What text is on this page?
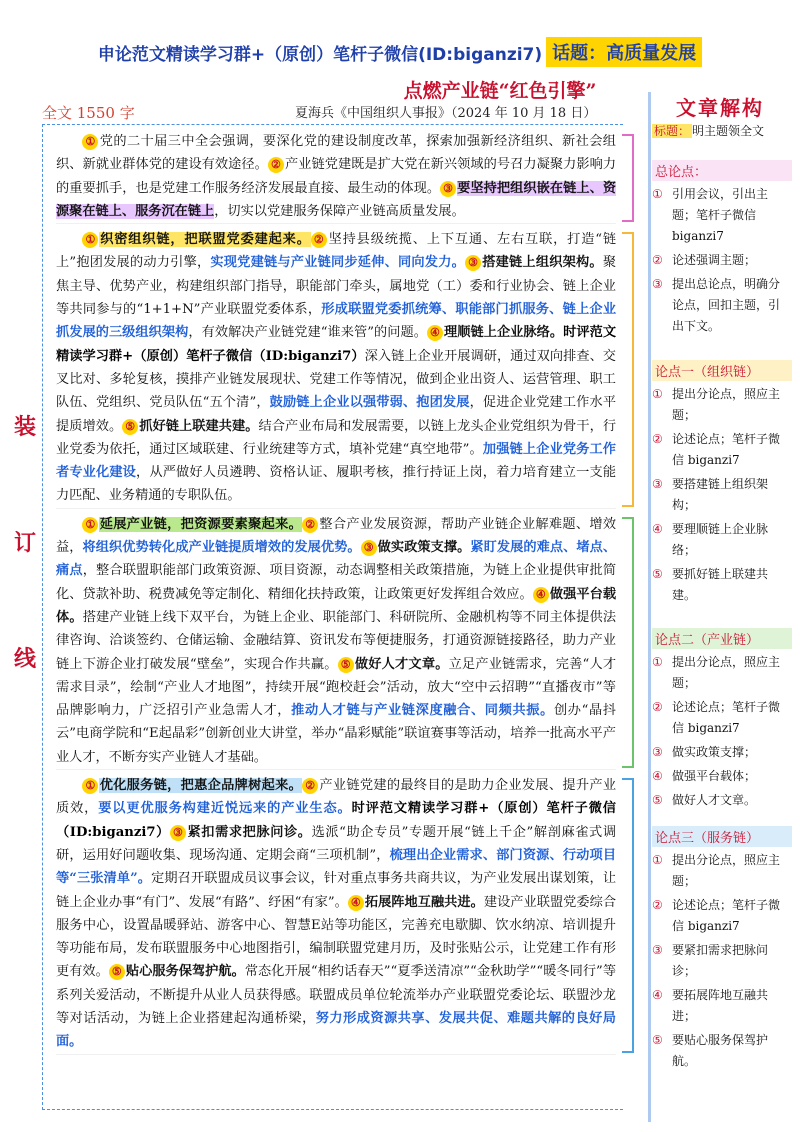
申论范文精读学习群+（原创）笔杆子微信(ID:biganzi7) 话题：高质量发展
点燃产业链“红色引擎”
全文 1550 字	夏海兵《中国组织人事报》（2024 年 10 月 18 日）
装
订
线

① 党的二十届三中全会强调，要深化党的建设制度改革，探索加强新经济组织、新社会组织、新就业群体党的建设有效途径。 ② 产业链党建既是扩大党在新兴领域的号召力凝聚力影响力的重要抓手，也是党建工作服务经济发展最直接、最生动的体现。 ③ 要坚持把组织嵌在链上、资源聚在链上、服务沉在链上，切实以党建服务保障产业链高质量发展。

① 织密组织链，把联盟党委建起来。 ② 坚持县级统揽、上下互通、左右互联，打造“链上”抱团发展的动力引擎，实现党建链与产业链同步延伸、同向发力。 ③ 搭建链上组织架构。聚焦主导、优势产业，构建组织部门指导，职能部门牵头，属地党（工）委和行业协会、链上企业等共同参与的“1+1+N”产业联盟党委体系，形成联盟党委抓统筹、职能部门抓服务、链上企业抓发展的三级组织架构，有效解决产业链党建“谁来管”的问题。 ④ 理顺链上企业脉络。时评范文精读学习群+（原创）笔杆子微信（ID:biganzi7）深入链上企业开展调研，通过双向排查、交叉比对、多轮复核，摸排产业链发展现状、党建工作等情况，做到企业出资人、运营管理、职工队伍、党组织、党员队伍“五个清”，鼓励链上企业以强带弱、抱团发展，促进企业党建工作水平提质增效。 ⑤ 抓好链上联建共建。结合产业布局和发展需要，以链上龙头企业党组织为骨干，行业党委为依托，通过区域联建、行业统建等方式，填补党建“真空地带”。加强链上企业党务工作者专业化建设，从严做好人员遴聘、资格认证、履职考核，推行持证上岗，着力培育建立一支能力匹配、业务精通的专职队伍。

① 延展产业链，把资源要素聚起来。 ② 整合产业发展资源，帮助产业链企业解难题、增效益，将组织优势转化成产业链提质增效的发展优势。 ③ 做实政策支撑。紧盯发展的难点、堵点、痛点，整合联盟职能部门政策资源、项目资源，动态调整相关政策措施，为链上企业提供审批简化、贷款补助、税费减免等定制化、精细化扶持政策，让政策更好发挥组合效应。 ④ 做强平台载体。搭建产业链上线下双平台，为链上企业、职能部门、科研院所、金融机构等不同主体提供法律咨询、洽谈签约、仓储运输、金融结算、资讯发布等便捷服务，打通资源链接路径，助力产业链上下游企业打破发展“壁垒”，实现合作共赢。 ⑤ 做好人才文章。立足产业链需求，完善“人才需求目录”，绘制“产业人才地图”，持续开展“跑校赶会”活动，放大“空中云招聘”“直播夜市”等品牌影响力，广泛招引产业急需人才，推动人才链与产业链深度融合、同频共振。创办“晶抖云”电商学院和“E起晶彩”创新创业大讲堂，举办“晶彩赋能”联谊赛事等活动，培养一批高水平产业人才，不断夯实产业链人才基础。

① 优化服务链，把惠企品牌树起来。 ② 产业链党建的最终目的是助力企业发展、提升产业质效，要以更优服务构建近悦远来的产业生态。时评范文精读学习群+（原创）笔杆子微信（ID:biganzi7） ③ 紧扣需求把脉问诊。选派“助企专员”专题开展“链上千企”解剖麻雀式调研，运用好问题收集、现场沟通、定期会商“三项机制”，梳理出企业需求、部门资源、行动项目等“三张清单”。定期召开联盟成员议事会议，针对重点事务共商共议，为产业发展出谋划策，让链上企业办事“有门”、发展“有路”、纾困“有家”。 ④ 拓展阵地互融共进。建设产业联盟党委综合服务中心，设置晶暖驿站、游客中心、智慧E站等功能区，完善充电歇脚、饮水纳凉、培训提升等功能布局，发布联盟服务中心地图指引，编制联盟党建月历，及时张贴公示，让党建工作有形更有效。 ⑤ 贴心服务保驾护航。常态化开展“相约话春天”“夏季送清凉”“金秋助学”“暖冬同行”等系列关爱活动，不断提升从业人员获得感。联盟成员单位轮流举办产业联盟党委论坛、联盟沙龙等对话活动，为链上企业搭建起沟通桥梁，努力形成资源共享、发展共促、难题共解的良好局面。

文章解构
标题： 明主题领全文
总论点：
① 引用会议，引出主题；笔杆子微信 biganzi7
② 论述强调主题；
③ 提出总论点，明确分论点，回扣主题，引出下文。
论点一（组织链）
① 提出分论点，照应主题；
② 论述论点；笔杆子微信 biganzi7
③ 要搭建链上组织架构；
④ 要理顺链上企业脉络；
⑤ 要抓好链上联建共建。
论点二（产业链）
① 提出分论点，照应主题；
② 论述论点；笔杆子微信 biganzi7
③ 做实政策支撑；
④ 做强平台载体；
⑤ 做好人才文章。
论点三（服务链）
① 提出分论点，照应主题；
② 论述论点；笔杆子微信 biganzi7
③ 要紧扣需求把脉问诊；
④ 要拓展阵地互融共进；
⑤ 要贴心服务保驾护航。
